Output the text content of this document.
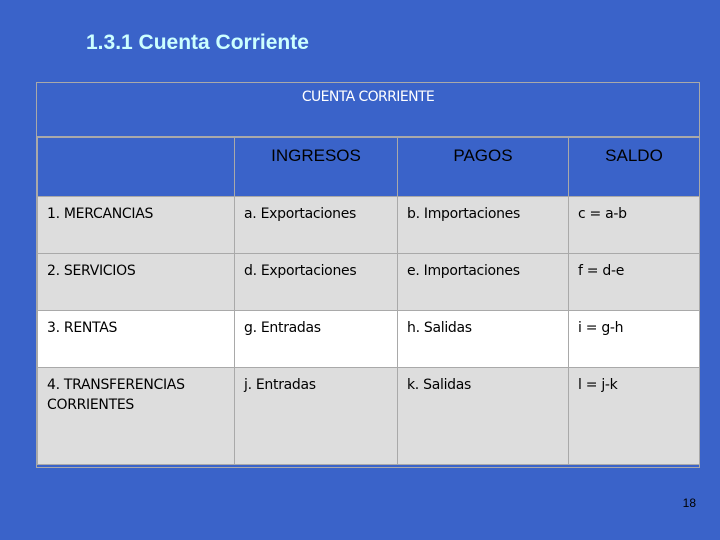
1.3.1 Cuenta Corriente
CUENTA CORRIENTE
	INGRESOS	PAGOS	SALDO
1. MERCANCIAS	a. Exportaciones	b. Importaciones	c = a-b
2. SERVICIOS	d. Exportaciones	e. Importaciones	f = d-e
3. RENTAS	g. Entradas	h. Salidas	i = g-h
4. TRANSFERENCIAS CORRIENTES	j. Entradas	k. Salidas	l = j-k
18
